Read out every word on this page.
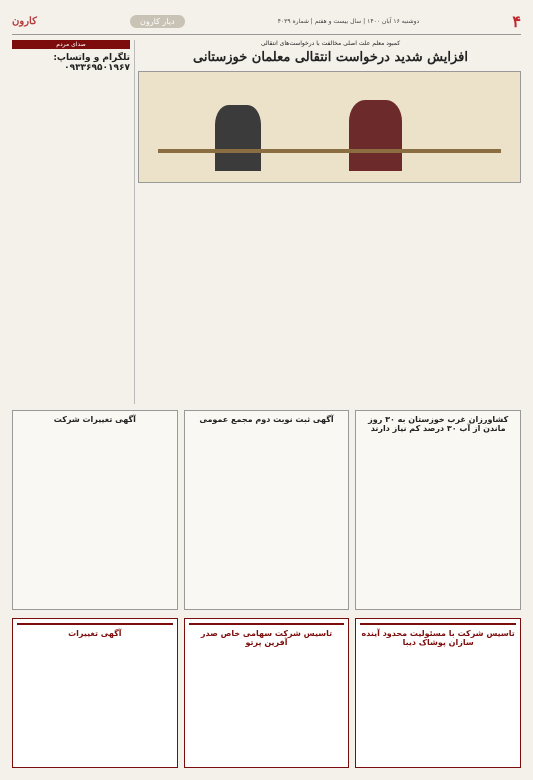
۴
دوشنبه ۱۶ آبان ۱۴۰۰ | سال بیست و هفتم | شماره ۴۰۳۹
دیار کارون
کارون
صدای مردم
تلگرام و واتساپ: ۰۹۳۳۶۹۵۰۱۹۶۷
کمبود معلم علت اصلی مخالفت با درخواست‌های انتقالی
افزایش شدید درخواست انتقالی معلمان خوزستانی
کشاورزان غرب خوزستان به ۳۰ روز ماندن از آب ۳۰ درصد کم نیاز دارند
آگهی ثبت نوبت دوم مجمع عمومی
آگهی تغییرات شرکت
تاسیس شرکت با مسئولیت محدود آینده سازان پوشاک دیبا
تاسیس شرکت سهامی خاص صدر آفرین پرتو
آگهی تغییرات
